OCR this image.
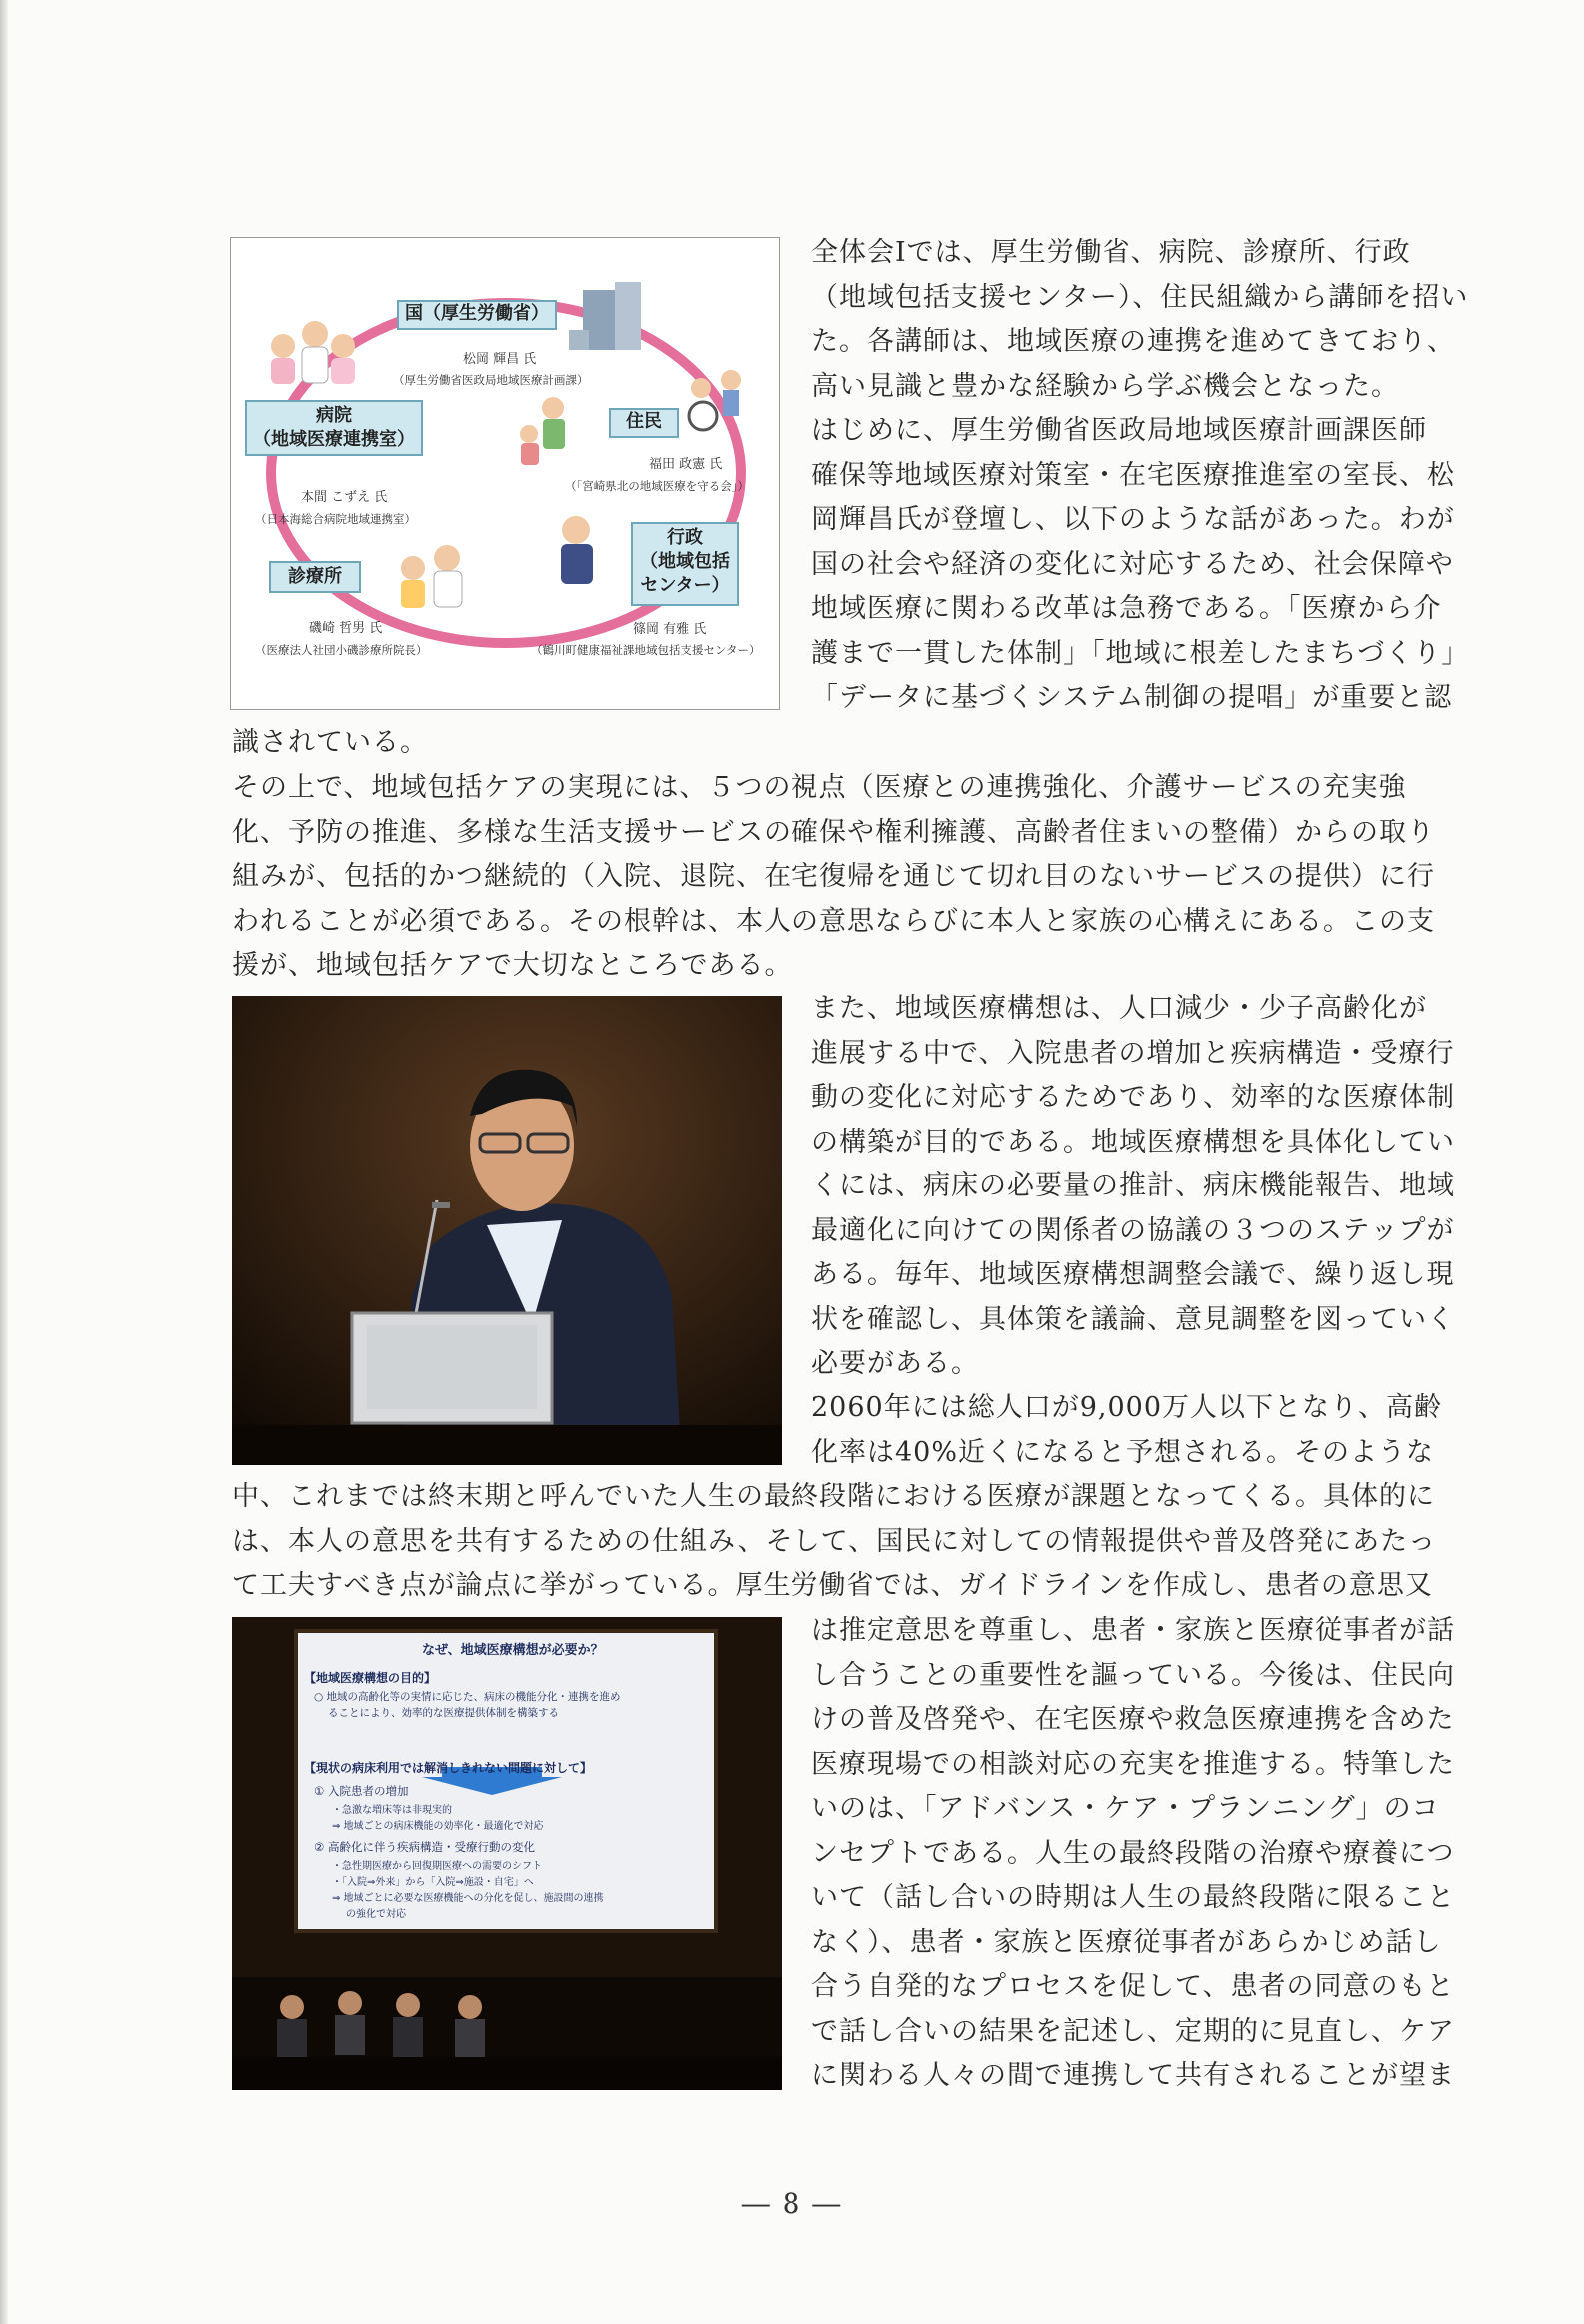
国（厚生労働省）
松岡 輝昌 氏
（厚生労働省医政局地域医療計画課）
病院
（地域医療連携室）
本間 こずえ 氏
（日本海総合病院地域連携室）
住民
福田 政憲 氏
（「宮崎県北の地域医療を守る会」）
診療所
磯崎 哲男 氏
（医療法人社団小磯診療所院長）
行政
（地域包括
センター）
篠岡 有雅 氏
（鶴川町健康福祉課地域包括支援センター）
全体会Ⅰでは、厚生労働省、病院、診療所、行政
（地域包括支援センター）、住民組織から講師を招い
た。各講師は、地域医療の連携を進めてきており、
高い見識と豊かな経験から学ぶ機会となった。
はじめに、厚生労働省医政局地域医療計画課医師
確保等地域医療対策室・在宅医療推進室の室長、松
岡輝昌氏が登壇し、以下のような話があった。わが
国の社会や経済の変化に対応するため、社会保障や
地域医療に関わる改革は急務である。「医療から介
護まで一貫した体制」「地域に根差したまちづくり」
「データに基づくシステム制御の提唱」が重要と認
識されている。
その上で、地域包括ケアの実現には、５つの視点（医療との連携強化、介護サービスの充実強
化、予防の推進、多様な生活支援サービスの確保や権利擁護、高齢者住まいの整備）からの取り
組みが、包括的かつ継続的（入院、退院、在宅復帰を通じて切れ目のないサービスの提供）に行
われることが必須である。その根幹は、本人の意思ならびに本人と家族の心構えにある。この支
援が、地域包括ケアで大切なところである。
また、地域医療構想は、人口減少・少子高齢化が
進展する中で、入院患者の増加と疾病構造・受療行
動の変化に対応するためであり、効率的な医療体制
の構築が目的である。地域医療構想を具体化してい
くには、病床の必要量の推計、病床機能報告、地域
最適化に向けての関係者の協議の３つのステップが
ある。毎年、地域医療構想調整会議で、繰り返し現
状を確認し、具体策を議論、意見調整を図っていく
必要がある。
2060年には総人口が9,000万人以下となり、高齢
化率は40%近くになると予想される。そのような
中、これまでは終末期と呼んでいた人生の最終段階における医療が課題となってくる。具体的に
は、本人の意思を共有するための仕組み、そして、国民に対しての情報提供や普及啓発にあたっ
て工夫すべき点が論点に挙がっている。厚生労働省では、ガイドラインを作成し、患者の意思又
なぜ、地域医療構想が必要か？
【地域医療構想の目的】
○ 地域の高齢化等の実情に応じた、病床の機能分化・連携を進め
ることにより、効率的な医療提供体制を構築する
【現状の病床利用では解消しきれない問題に対して】
① 入院患者の増加
・急激な増床等は非現実的
⇒ 地域ごとの病床機能の効率化・最適化で対応
② 高齢化に伴う疾病構造・受療行動の変化
・急性期医療から回復期医療への需要のシフト
・「入院⇒外来」から「入院⇒施設・自宅」へ
⇒ 地域ごとに必要な医療機能への分化を促し、施設間の連携
の強化で対応
は推定意思を尊重し、患者・家族と医療従事者が話
し合うことの重要性を謳っている。今後は、住民向
けの普及啓発や、在宅医療や救急医療連携を含めた
医療現場での相談対応の充実を推進する。特筆した
いのは、「アドバンス・ケア・プランニング」のコ
ンセプトである。人生の最終段階の治療や療養につ
いて（話し合いの時期は人生の最終段階に限ること
なく）、患者・家族と医療従事者があらかじめ話し
合う自発的なプロセスを促して、患者の同意のもと
で話し合いの結果を記述し、定期的に見直し、ケア
に関わる人々の間で連携して共有されることが望ま
― 8 ―
